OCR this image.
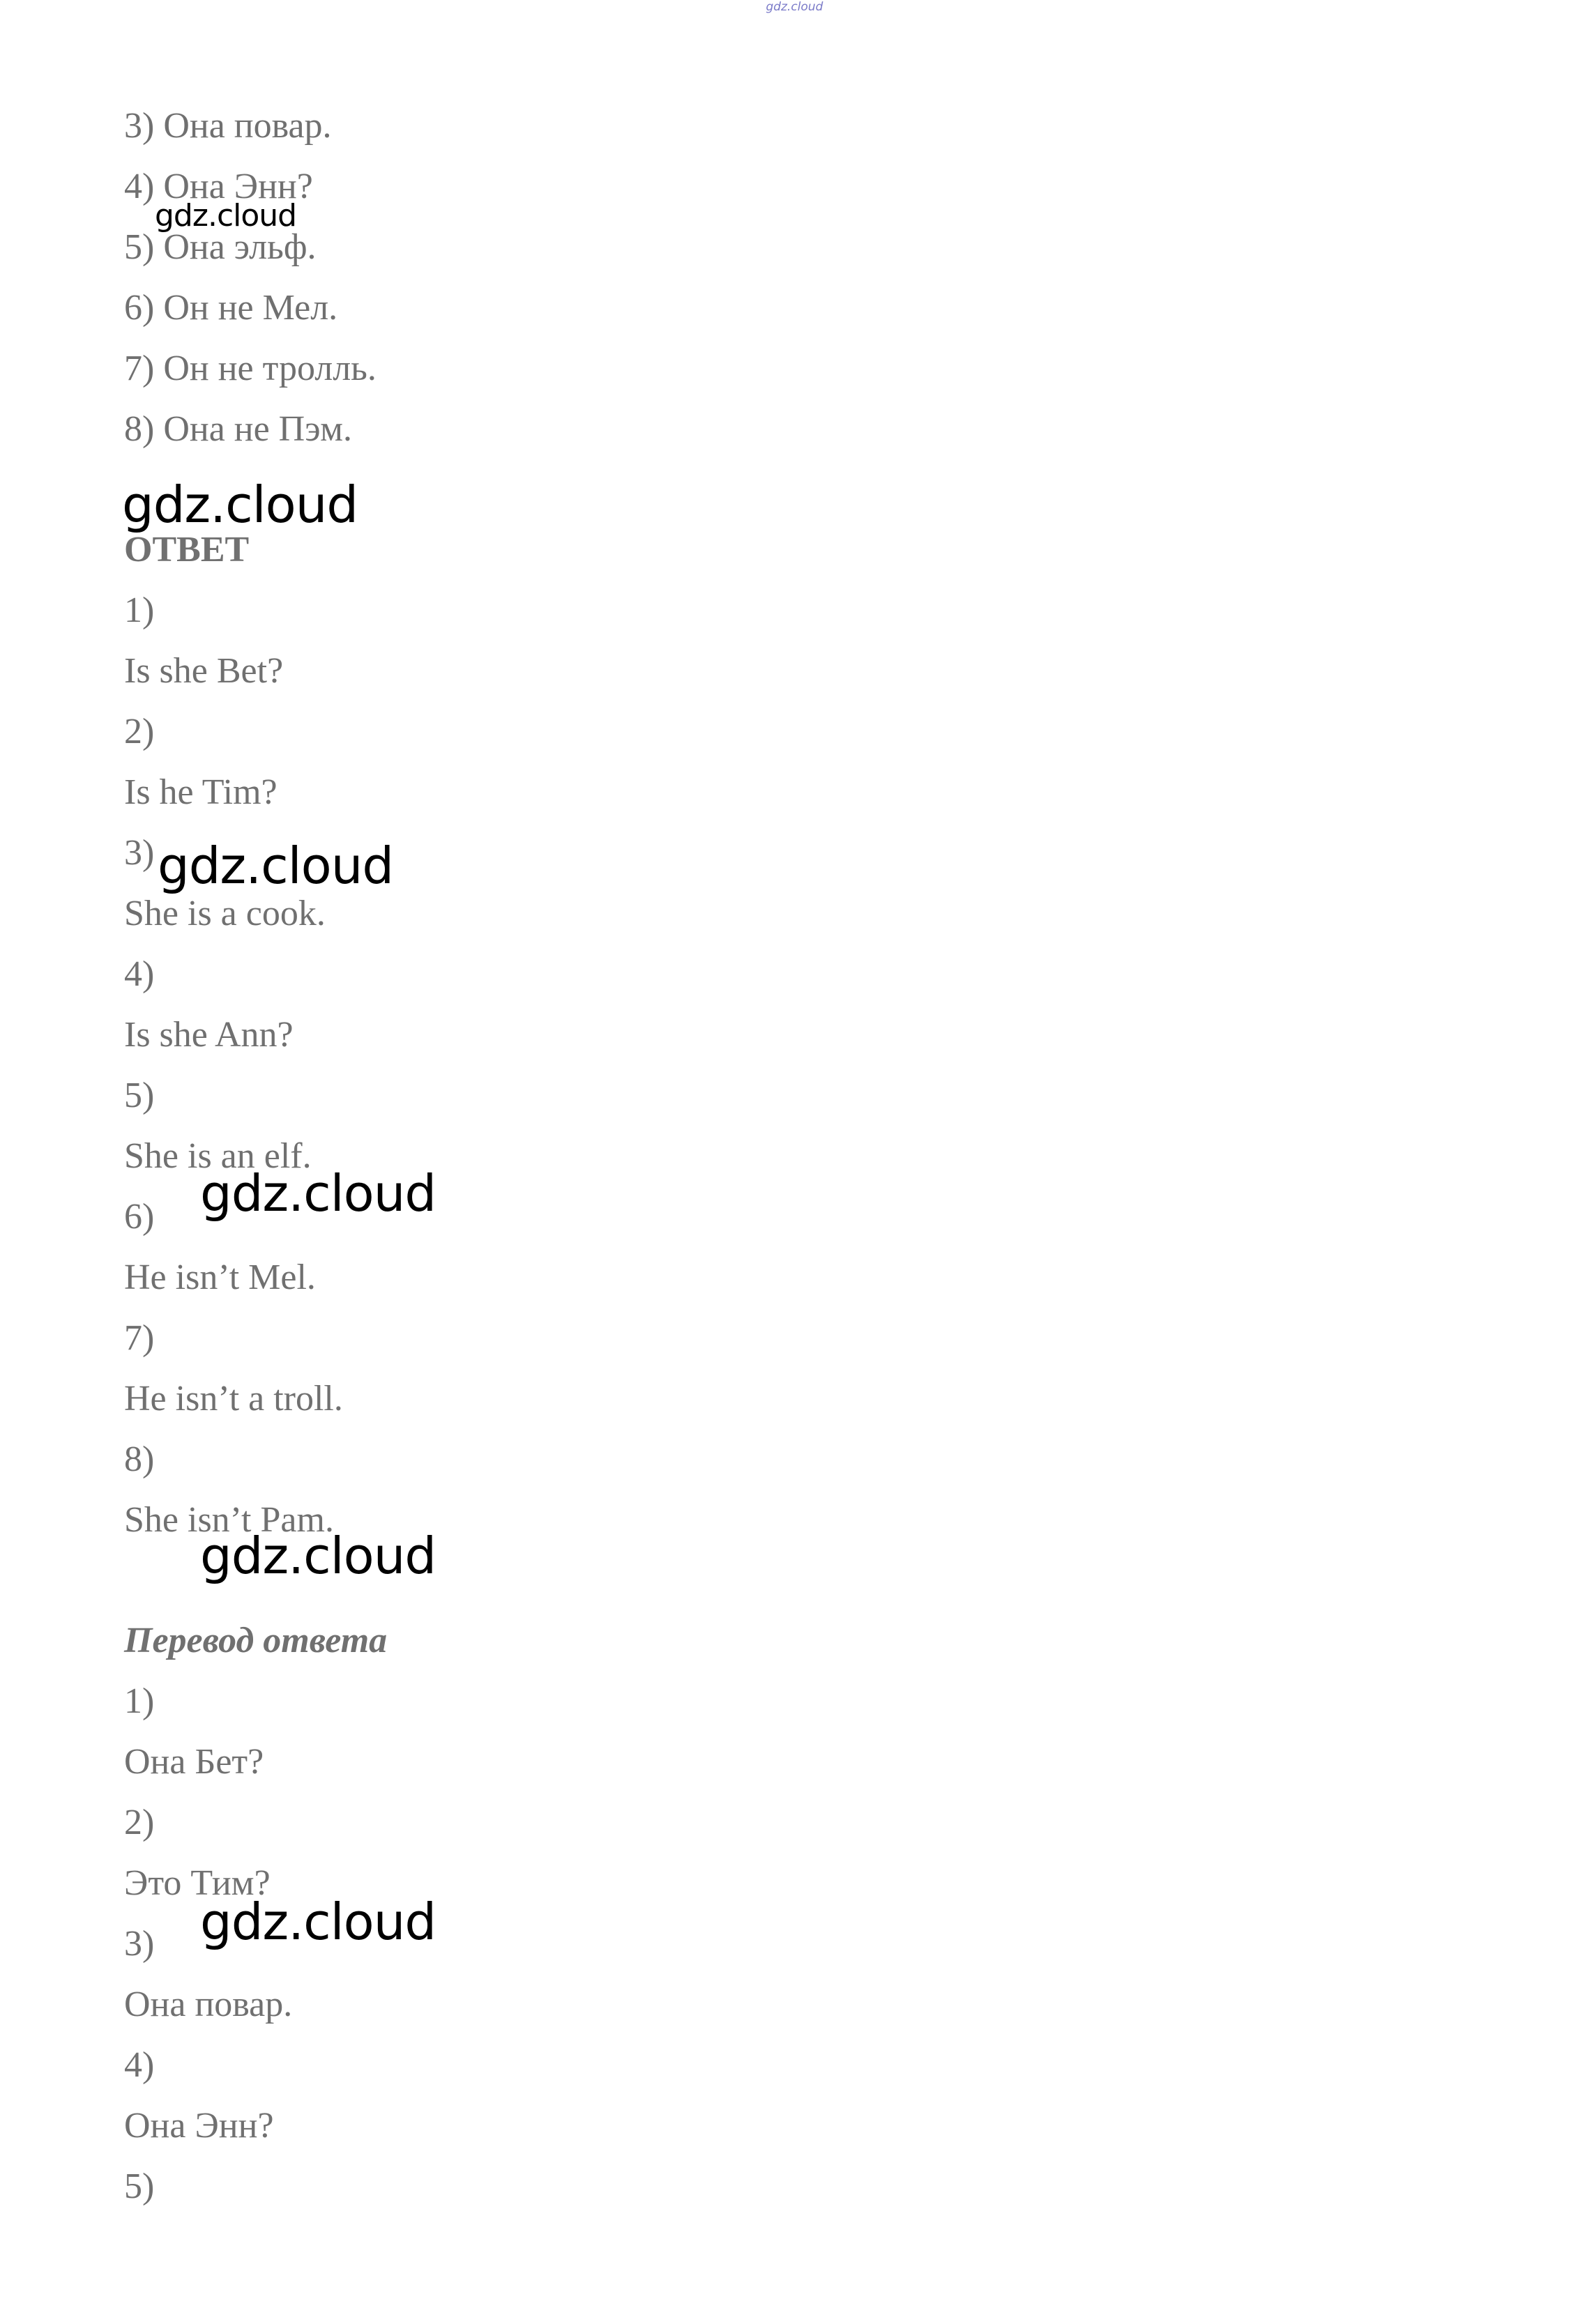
gdz.cloud
3) Она повар.
4) Она Энн?
5) Она эльф.
6) Он не Мел.
7) Он не тролль.
8) Она не Пэм.
ОТВЕТ
1)
Is she Bet?
2)
Is he Tim?
3)
She is a cook.
4)
Is she Ann?
5)
She is an elf.
6)
He isn’t Mel.
7)
He isn’t a troll.
8)
She isn’t Pam.
Перевод ответа
1)
Она Бет?
2)
Это Тим?
3)
Она повар.
4)
Она Энн?
5)
gdz.cloud
gdz.cloud
gdz.cloud
gdz.cloud
gdz.cloud
gdz.cloud
